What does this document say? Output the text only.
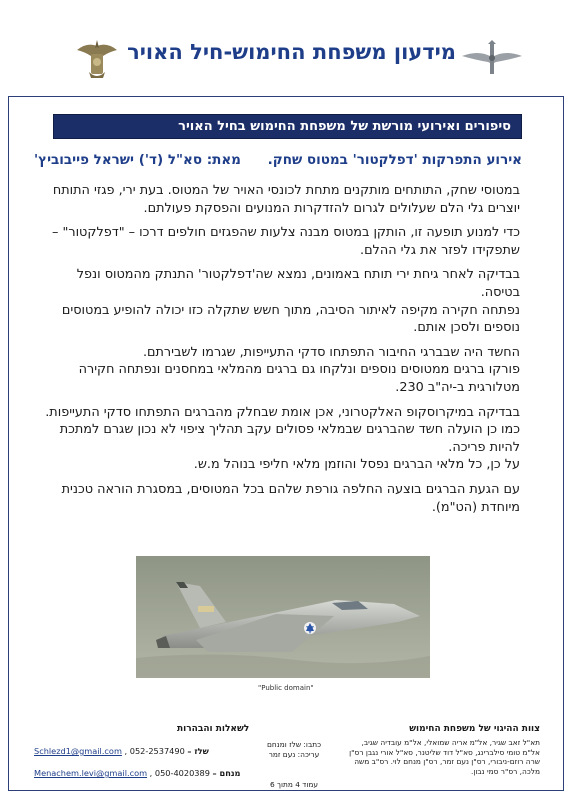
מידעון משפחת החימוש-חיל האויר
סיפורים ואירועי מורשת של משפחת החימוש בחיל האויר
אירוע התפרקות 'דפלקטור' במטוס שחק. מאת: סא"ל (ד') ישראל פייבוביץ'

במטוסי שחק, התותחים מותקנים מתחת לכונסי האויר של המטוס. בעת ירי, פגזי התותח יוצרים גלי הלם שעלולים לגרום להזדקרות המנועים והפסקת פעולתם.

כדי למנוע תופעה זו, הותקן במטוס מבנה צלעות שהפגזים חולפים דרכו – "דפלקטור" – שתפקידו לפזר את גלי ההלם.

בבדיקה לאחר גיחת ירי תותח באמונים, נמצא שה'דפלקטור' התנתק מהמטוס ונפל בטיסה.

נפתחה חקירה מקיפה לאיתור הסיבה, מתוך חשש שתקלה כזו יכולה להופיע במטוסים נוספים ולסכן אותם.

החשד היה שבברגי החיבור התפתחו סדקי התעייפות, שגרמו לשבירתם.

פורקו ברגים ממטוסים נוספים ונלקחו גם ברגים מהמלאי במחסנים ונפתחה חקירה מטלורגית ב-יה"ב 230.

בבדיקה במיקרוסקופ האלקטרוני, אכן אומת שבחלק מהברגים התפתחו סדקי התעייפות. כמו כן הועלה חשד שהברגים שבמלאי פסולים עקב תהליך ציפוי לא נכון שגרם למתכת להיות פריכה.

על כן, כל מלאי הברגים נפסל והוזמן מלאי חליפי בנוהל מ.ש.

עם הגעת הברגים בוצעה החלפה גורפת שלהם בכל המטוסים, במסגרת הוראה טכנית מיוחדת (הט"מ).

"Public domain"
צוות ההיגוי של משפחת החימוש
תא"ל זאב שגיר, אל"מ אריה שמואלי, אל"מ עובדיה שגיב, אל"מ טומי סילברינג, סא"ל דוד שליטנר, סא"ל אורי נגבן רס"ן שרה רוזם-ניבורי, רס"ן נעם זמר, רס"ן מנחם לוי. רס"ב משה מלכה, רס"ר סמי נבון.
כתבו: שלז ומנחם
עריכה: נעם זמר
עמוד 4 מתוך 6
לשאלות והבהרות
שלז – 052-2537490 , Schlezd1@gmail.com
מנחם – 050-4020389 , Menachem.levi@gmail.com
